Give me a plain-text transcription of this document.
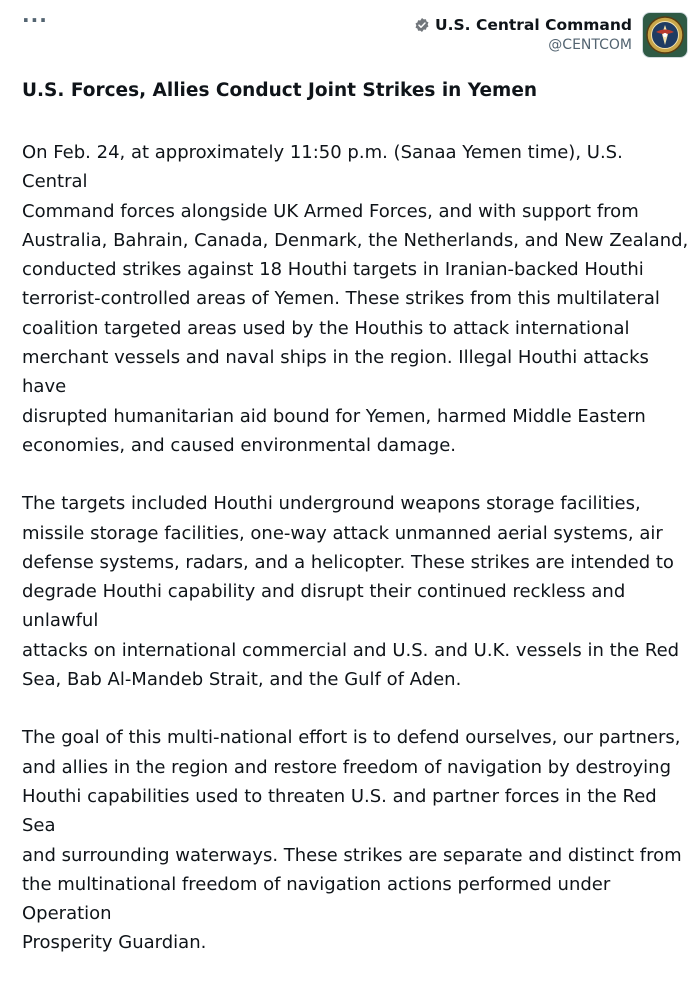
···	U.S. Central Command
@CENTCOM
U.S. Forces, Allies Conduct Joint Strikes in Yemen

On Feb. 24, at approximately 11:50 p.m. (Sanaa Yemen time), U.S. Central
Command forces alongside UK Armed Forces, and with support from
Australia, Bahrain, Canada, Denmark, the Netherlands, and New Zealand,
conducted strikes against 18 Houthi targets in Iranian-backed Houthi
terrorist-controlled areas of Yemen. These strikes from this multilateral
coalition targeted areas used by the Houthis to attack international
merchant vessels and naval ships in the region. Illegal Houthi attacks have
disrupted humanitarian aid bound for Yemen, harmed Middle Eastern
economies, and caused environmental damage.

The targets included Houthi underground weapons storage facilities,
missile storage facilities, one-way attack unmanned aerial systems, air
defense systems, radars, and a helicopter. These strikes are intended to
degrade Houthi capability and disrupt their continued reckless and unlawful
attacks on international commercial and U.S. and U.K. vessels in the Red
Sea, Bab Al-Mandeb Strait, and the Gulf of Aden.

The goal of this multi-national effort is to defend ourselves, our partners,
and allies in the region and restore freedom of navigation by destroying
Houthi capabilities used to threaten U.S. and partner forces in the Red Sea
and surrounding waterways. These strikes are separate and distinct from
the multinational freedom of navigation actions performed under Operation
Prosperity Guardian.
